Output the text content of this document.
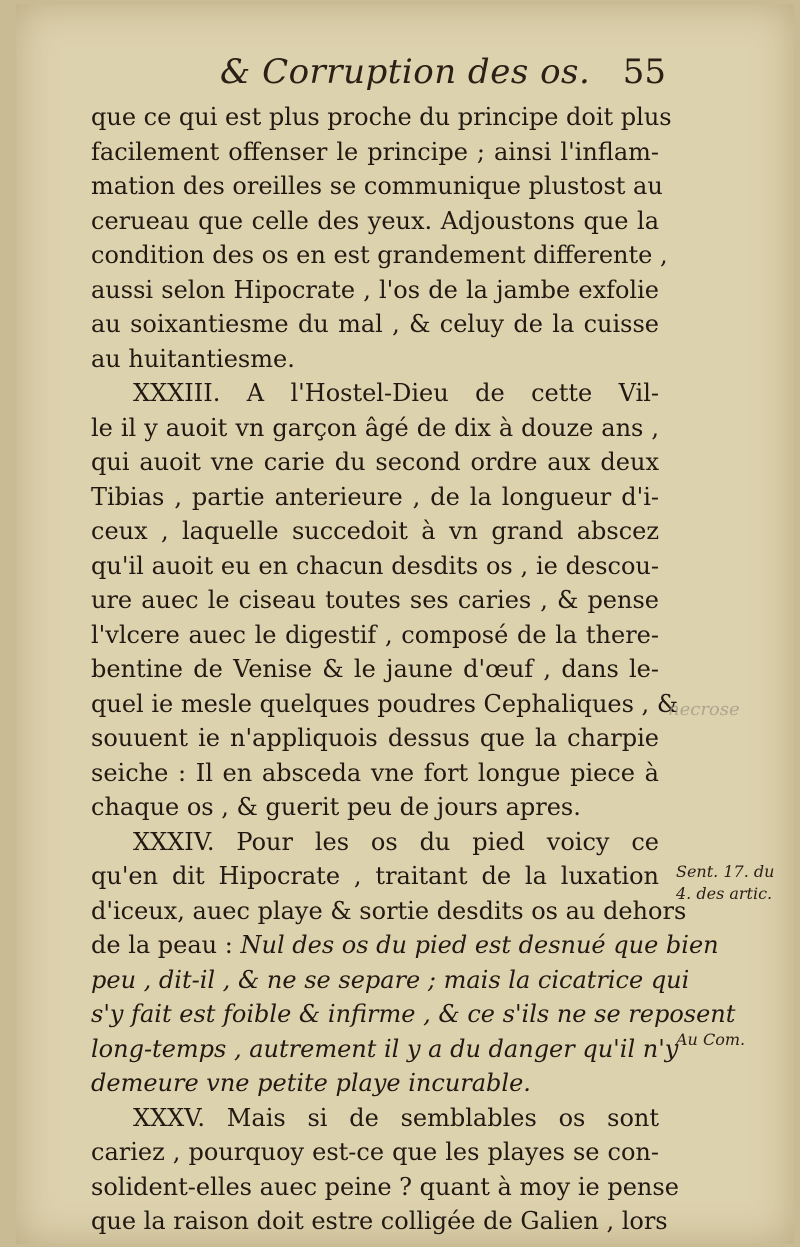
& Corruption des os. 55
que ce qui est plus proche du principe doit plus
facilement offenser le principe ; ainsi l'inflam-
mation des oreilles se communique plustost au
cerueau que celle des yeux. Adjoustons que la
condition des os en est grandement differente ,
aussi selon Hipocrate , l'os de la jambe exfolie
au soixantiesme du mal , & celuy de la cuisse
au huitantiesme.
XXXIII. A l'Hostel-Dieu de cette Vil-
le il y auoit vn garçon âgé de dix à douze ans ,
qui auoit vne carie du second ordre aux deux
Tibias , partie anterieure , de la longueur d'i-
ceux , laquelle succedoit à vn grand abscez
qu'il auoit eu en chacun desdits os , ie descou-
ure auec le ciseau toutes ses caries , & pense
l'vlcere auec le digestif , composé de la there-
bentine de Venise & le jaune d'œuf , dans le-
quel ie mesle quelques poudres Cephaliques , &
souuent ie n'appliquois dessus que la charpie
seiche : Il en absceda vne fort longue piece à
chaque os , & guerit peu de jours apres.
XXXIV. Pour les os du pied voicy ce
qu'en dit Hipocrate , traitant de la luxation
d'iceux, auec playe & sortie desdits os au dehors
de la peau : Nul des os du pied est desnué que bien
peu , dit-il , & ne se separe ; mais la cicatrice qui
s'y fait est foible & infirme , & ce s'ils ne se reposent
long-temps , autrement il y a du danger qu'il n'y
demeure vne petite playe incurable.
XXXV. Mais si de semblables os sont
cariez , pourquoy est-ce que les playes se con-
solident-elles auec peine ? quant à moy ie pense
que la raison doit estre colligée de Galien , lors
necrose
Sent. 17. du
4. des artic.
Au Com.
